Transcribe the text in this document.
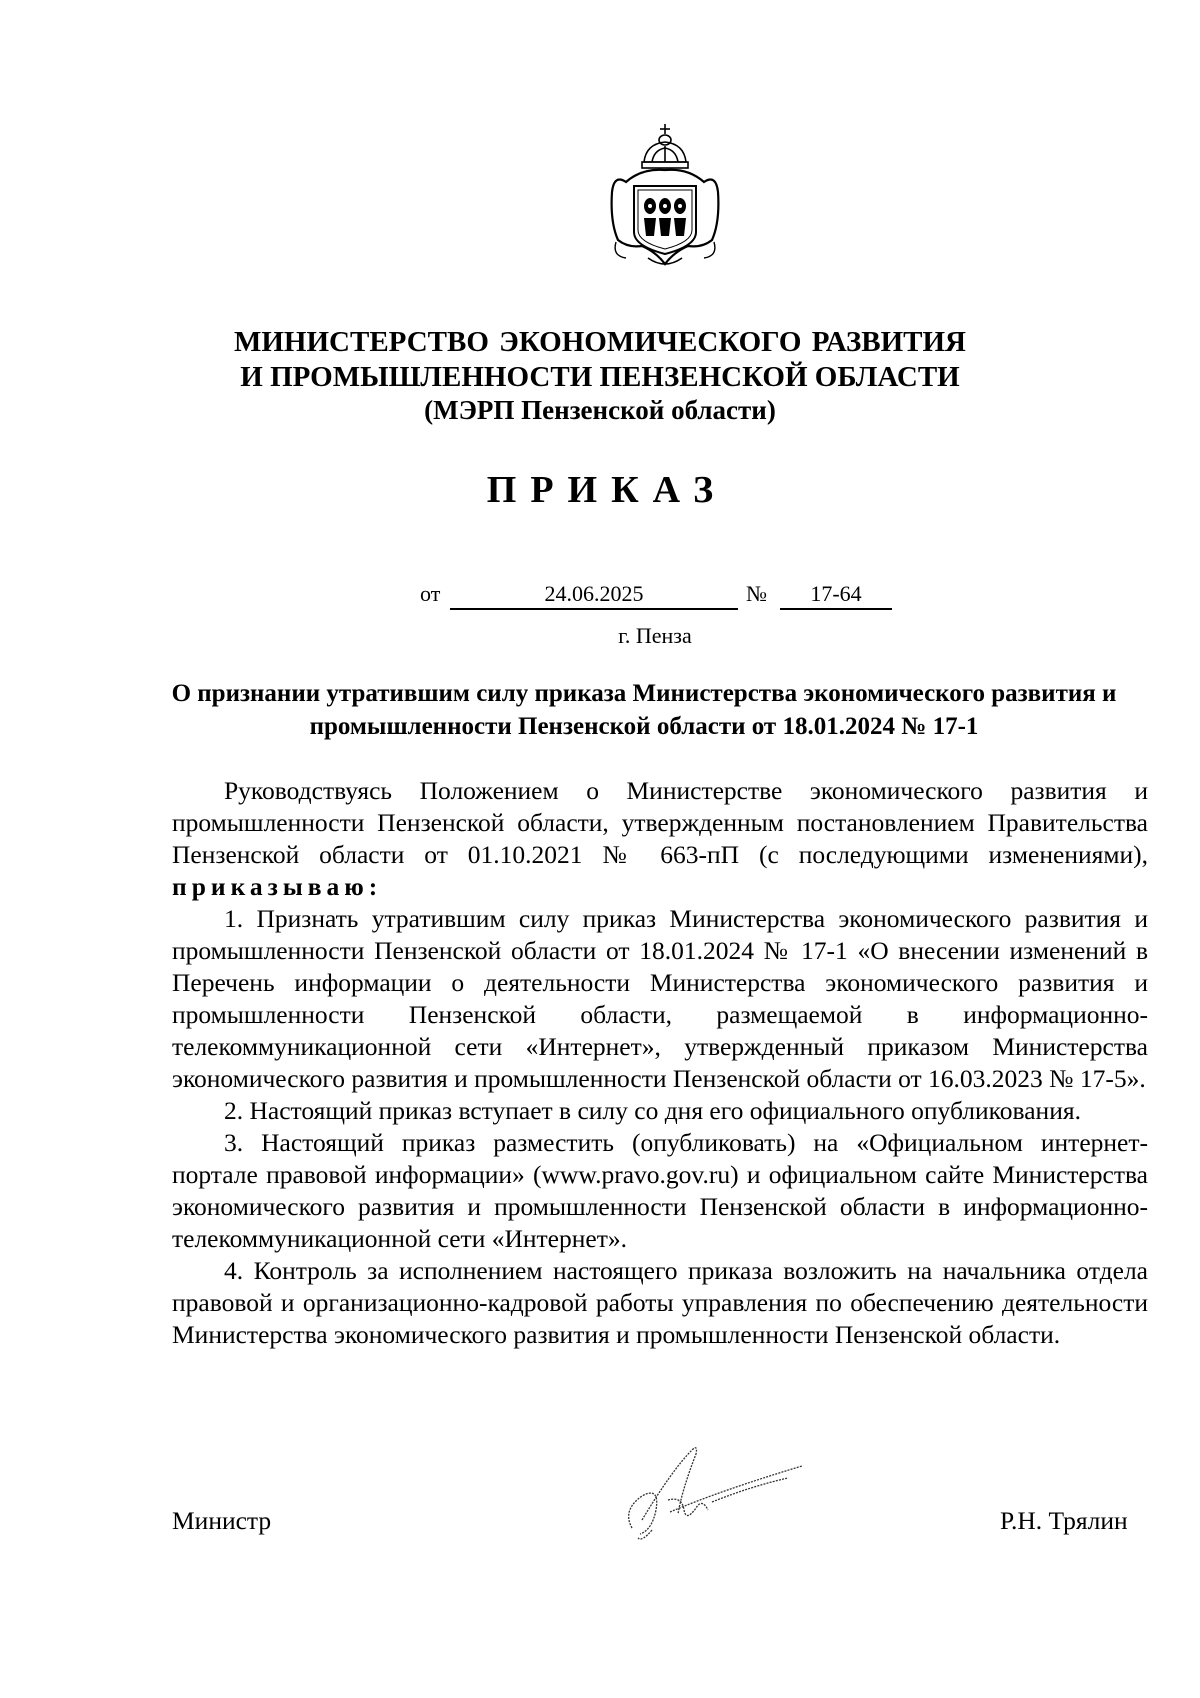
МИНИСТЕРСТВО ЭКОНОМИЧЕСКОГО РАЗВИТИЯ
И ПРОМЫШЛЕННОСТИ ПЕНЗЕНСКОЙ ОБЛАСТИ
(МЭРП Пензенской области)
ПРИКАЗ
от	24.06.2025	№	17-64
г. Пенза
О признании утратившим силу приказа Министерства экономического развития и промышленности Пензенской области от 18.01.2024 № 17-1

Руководствуясь Положением о Министерстве экономического развития и промышленности Пензенской области, утвержденным постановлением Правительства Пензенской области от 01.10.2021 № 663-пП (с последующими изменениями), приказываю:

1. Признать утратившим силу приказ Министерства экономического развития и промышленности Пензенской области от 18.01.2024 № 17-1 «О внесении изменений в Перечень информации о деятельности Министерства экономического развития и промышленности Пензенской области, размещаемой в информационно-телекоммуникационной сети «Интернет», утвержденный приказом Министерства экономического развития и промышленности Пензенской области от 16.03.2023 № 17-5».

2. Настоящий приказ вступает в силу со дня его официального опубликования.

3. Настоящий приказ разместить (опубликовать) на «Официальном интернет-портале правовой информации» (www.pravo.gov.ru) и официальном сайте Министерства экономического развития и промышленности Пензенской области в информационно-телекоммуникационной сети «Интернет».

4. Контроль за исполнением настоящего приказа возложить на начальника отдела правовой и организационно-кадровой работы управления по обеспечению деятельности Министерства экономического развития и промышленности Пензенской области.

Министр	Р.Н. Трялин
